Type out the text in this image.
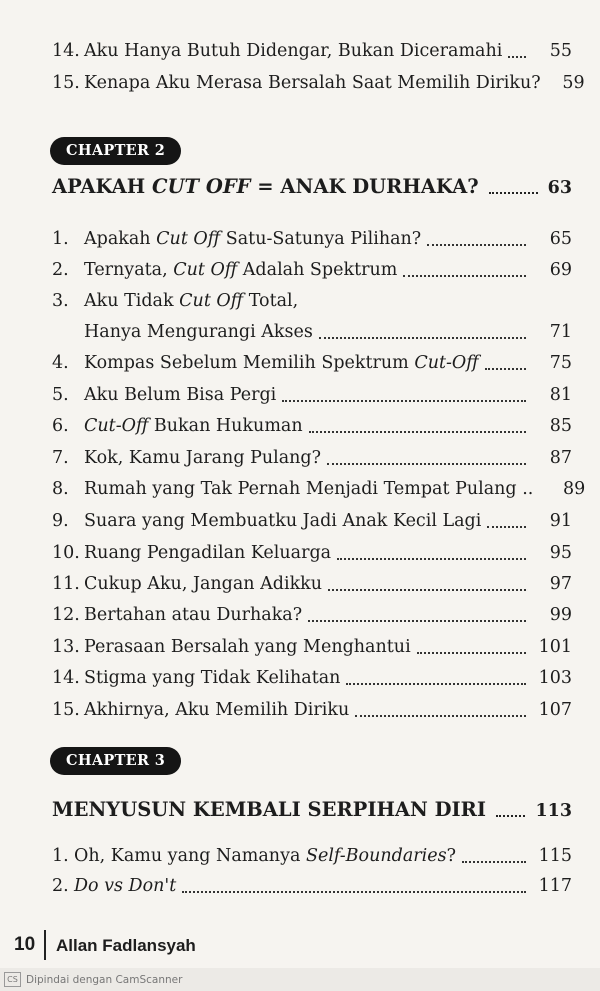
14. Aku Hanya Butuh Didengar, Bukan Diceramahi	55
15. Kenapa Aku Merasa Bersalah Saat Memilih Diriku?	59
CHAPTER 2
APAKAH CUT OFF = ANAK DURHAKA?	63
1. Apakah Cut Off Satu-Satunya Pilihan?	65
2. Ternyata, Cut Off Adalah Spektrum	69
3. Aku Tidak Cut Off Total,
Hanya Mengurangi Akses	71
4. Kompas Sebelum Memilih Spektrum Cut-Off	75
5. Aku Belum Bisa Pergi	81
6. Cut-Off Bukan Hukuman	85
7. Kok, Kamu Jarang Pulang?	87
8. Rumah yang Tak Pernah Menjadi Tempat Pulang ..	89
9. Suara yang Membuatku Jadi Anak Kecil Lagi	91
10. Ruang Pengadilan Keluarga	95
11. Cukup Aku, Jangan Adikku	97
12. Bertahan atau Durhaka?	99
13. Perasaan Bersalah yang Menghantui	101
14. Stigma yang Tidak Kelihatan	103
15. Akhirnya, Aku Memilih Diriku	107
CHAPTER 3
MENYUSUN KEMBALI SERPIHAN DIRI	113
1. Oh, Kamu yang Namanya Self-Boundaries?	115
2. Do vs Don't	117
10 Allan Fadlansyah
CS Dipindai dengan CamScanner
